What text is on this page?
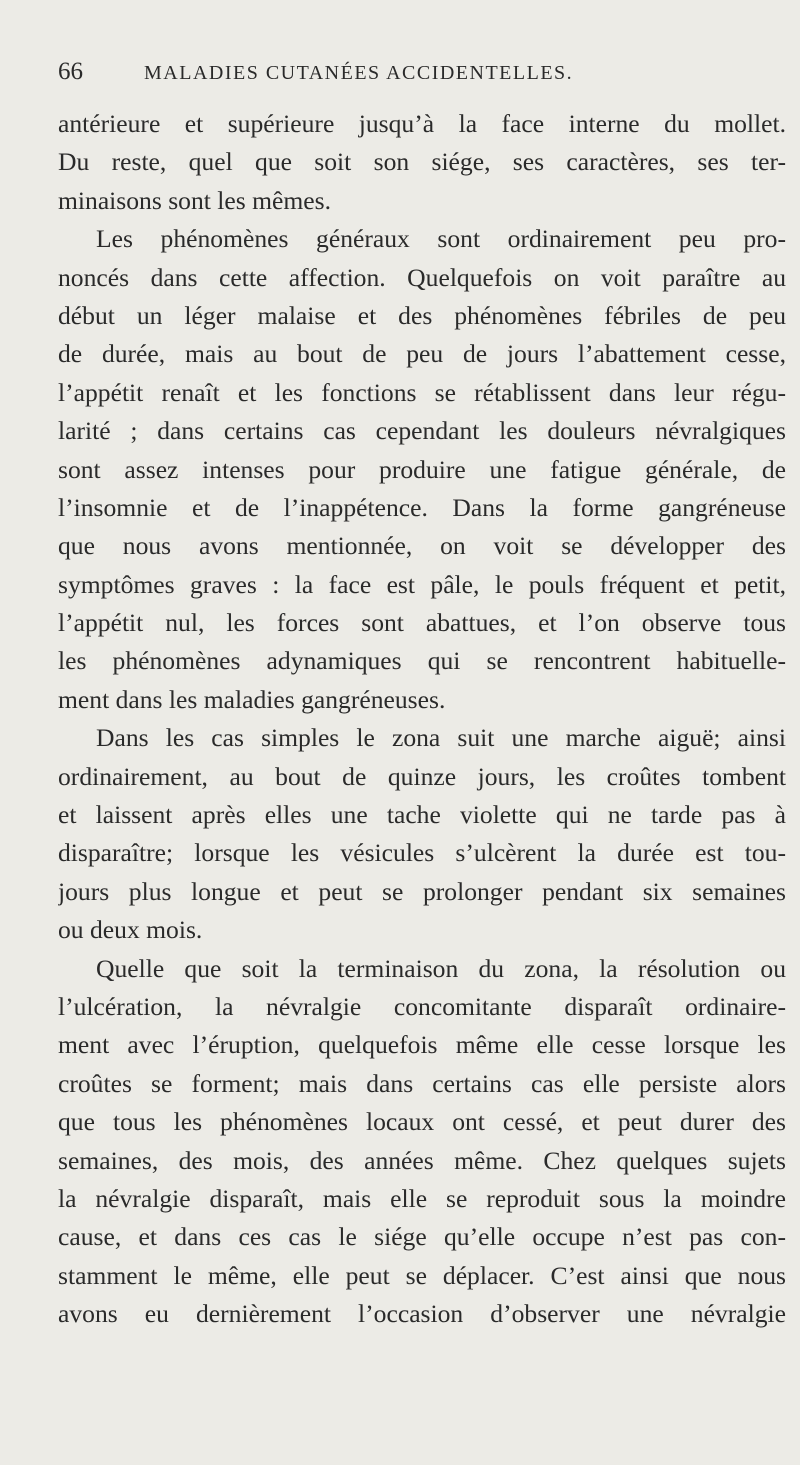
66	MALADIES CUTANÉES ACCIDENTELLES.
antérieure et supérieure jusqu’à la face interne du mollet.
Du reste, quel que soit son siége, ses caractères, ses ter-
minaisons sont les mêmes.
Les phénomènes généraux sont ordinairement peu pro-
noncés dans cette affection. Quelquefois on voit paraître au
début un léger malaise et des phénomènes fébriles de peu
de durée, mais au bout de peu de jours l’abattement cesse,
l’appétit renaît et les fonctions se rétablissent dans leur régu-
larité ; dans certains cas cependant les douleurs névralgiques
sont assez intenses pour produire une fatigue générale, de
l’insomnie et de l’inappétence. Dans la forme gangréneuse
que nous avons mentionnée, on voit se développer des
symptômes graves : la face est pâle, le pouls fréquent et petit,
l’appétit nul, les forces sont abattues, et l’on observe tous
les phénomènes adynamiques qui se rencontrent habituelle-
ment dans les maladies gangréneuses.
Dans les cas simples le zona suit une marche aiguë; ainsi
ordinairement, au bout de quinze jours, les croûtes tombent
et laissent après elles une tache violette qui ne tarde pas à
disparaître; lorsque les vésicules s’ulcèrent la durée est tou-
jours plus longue et peut se prolonger pendant six semaines
ou deux mois.
Quelle que soit la terminaison du zona, la résolution ou
l’ulcération, la névralgie concomitante disparaît ordinaire-
ment avec l’éruption, quelquefois même elle cesse lorsque les
croûtes se forment; mais dans certains cas elle persiste alors
que tous les phénomènes locaux ont cessé, et peut durer des
semaines, des mois, des années même. Chez quelques sujets
la névralgie disparaît, mais elle se reproduit sous la moindre
cause, et dans ces cas le siége qu’elle occupe n’est pas con-
stamment le même, elle peut se déplacer. C’est ainsi que nous
avons eu dernièrement l’occasion d’observer une névralgie
